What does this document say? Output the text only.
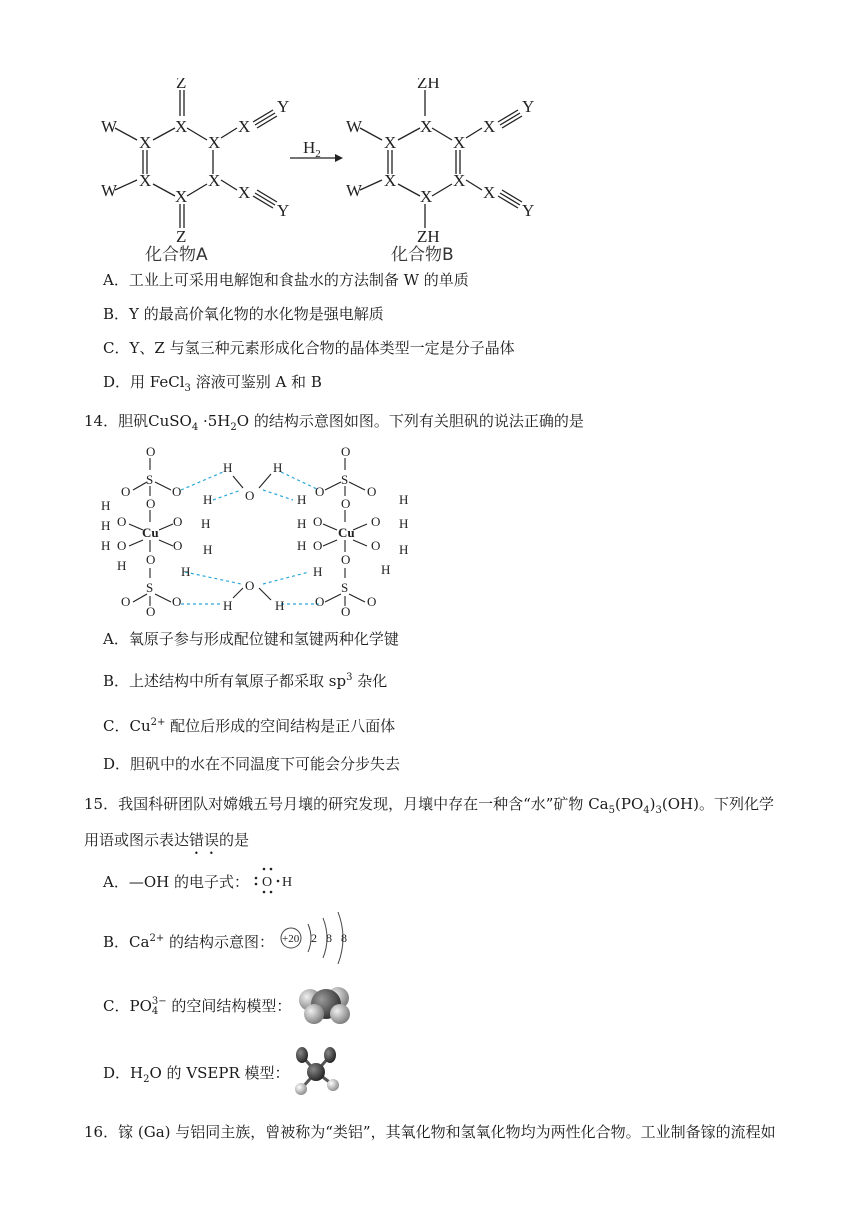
Z
X
X	X
X	X
X
Z
W
W
X
X
Y
Y
$H_2$
ZH
X
X	X
X	X
X
ZH
W
W
X
X
Y
Y
化合物A	化合物B
A．工业上可采用电解饱和食盐水的方法制备 W 的单质
B．Y 的最高价氧化物的水化物是强电解质
C．Y、Z 与氢三种元素形成化合物的晶体类型一定是分子晶体
D．用 FeCl$_3$ 溶液可鉴别 A 和 B
14．胆矾CuSO$_4$ $\cdot 5H_2O$ 的结构示意图如图。下列有关胆矾的说法正确的是
O
S
O	O
O	H
H
O
H Cu
O H
H O	O H
H O
H
S
O	O
O
H
O
H
O
H	H
O
S
O	O
O
H	H
H O
Cu
O H
H O	O H
H	H
O
S
O	O
O
A．氧原子参与形成配位键和氢键两种化学键
B．上述结构中所有氧原子都采取 $sp^3$ 杂化
C．$Cu^{2+}$ 配位后形成的空间结构是正八面体
D．胆矾中的水在不同温度下可能会分步失去
15．我国科研团队对嫦娥五号月壤的研究发现，月壤中存在一种含“水”矿物 $Ca_5(PO_4)_3(OH)$。下列化学
用语或图示表达错误的是
A．—OH 的电子式： O H
B．$Ca^{2+}$ 的结构示意图： +20 2 8 8
C．PO 3−
4 的空间结构模型：
D．$H_2O$ 的 VSEPR 模型：
16．镓 (Ga) 与铝同主族，曾被称为“类铝”，其氧化物和氢氧化物均为两性化合物。工业制备镓的流程如
